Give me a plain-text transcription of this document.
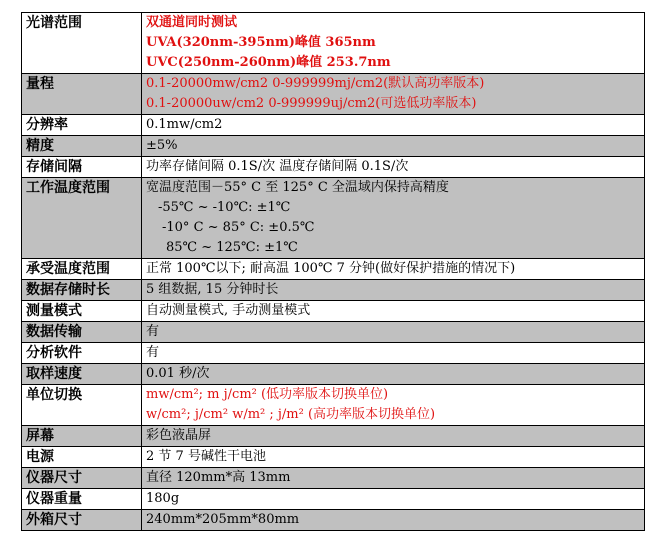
光谱范围	双通道同时测试
UVA(320nm-395nm)峰值 365nm
UVC(250nm-260nm)峰值 253.7nm

量程	0.1-20000mw/cm2 0-999999mj/cm2(默认高功率版本)
0.1-20000uw/cm2 0-999999uj/cm2(可选低功率版本)

分辨率	0.1mw/cm2

精度	±5%

存储间隔	功率存储间隔 0.1S/次 温度存储间隔 0.1S/次

工作温度范围	宽温度范围－55° C 至 125° C 全温域内保持高精度
-55℃ ~ -10℃: ±1℃
-10° C ~ 85° C: ±0.5℃
85℃ ~ 125℃: ±1℃

承受温度范围	正常 100℃以下; 耐高温 100℃ 7 分钟(做好保护措施的情况下)

数据存储时长	5 组数据, 15 分钟时长

测量模式	自动测量模式, 手动测量模式

数据传输	有

分析软件	有

取样速度	0.01 秒/次

单位切换	mw/cm²; m j/cm² (低功率版本切换单位)
w/cm²; j/cm² w/m² ; j/m² (高功率版本切换单位)

屏幕	彩色液晶屏

电源	2 节 7 号碱性干电池

仪器尺寸	直径 120mm*高 13mm

仪器重量	180g

外箱尺寸	240mm*205mm*80mm
